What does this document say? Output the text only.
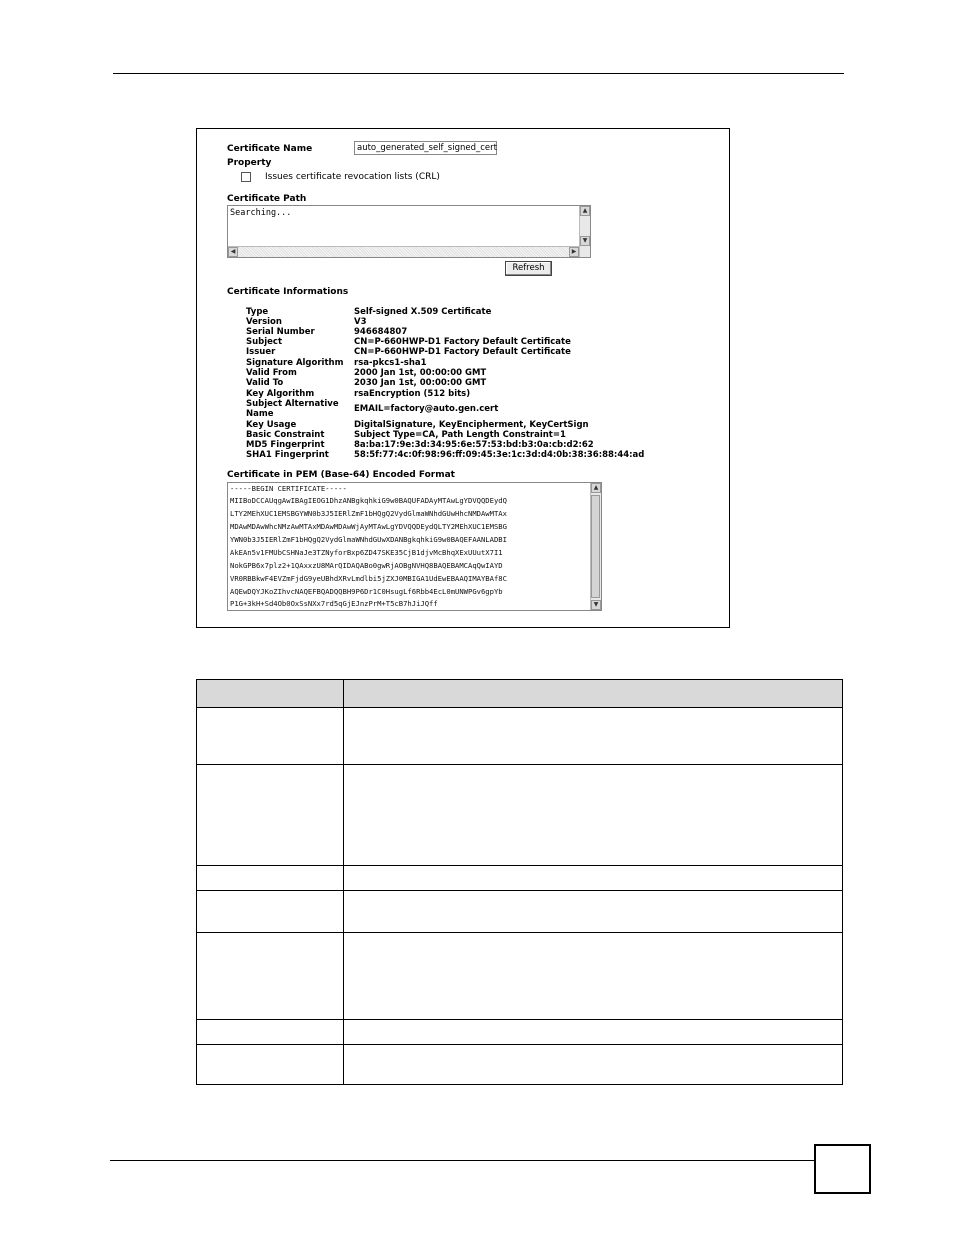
Certificate Name	auto_generated_self_signed_cert
Property
Issues certificate revocation lists (CRL)
Certificate Path
Searching...	▲
▼
◀	▶
Refresh
Certificate Informations
Type	Self-signed X.509 Certificate
Version	V3
Serial Number	946684807
Subject	CN=P-660HWP-D1 Factory Default Certificate
Issuer	CN=P-660HWP-D1 Factory Default Certificate
Signature Algorithm rsa-pkcs1-sha1
Valid From	2000 Jan 1st, 00:00:00 GMT
Valid To	2030 Jan 1st, 00:00:00 GMT
Key Algorithm	rsaEncryption (512 bits)
Subject Alternative
Name	EMAIL=factory@auto.gen.cert
Key Usage	DigitalSignature, KeyEncipherment, KeyCertSign
Basic Constraint	Subject Type=CA, Path Length Constraint=1
MD5 Fingerprint	8a:ba:17:9e:3d:34:95:6e:57:53:bd:b3:0a:cb:d2:62
SHA1 Fingerprint	58:5f:77:4c:0f:98:96:ff:09:45:3e:1c:3d:d4:0b:38:36:88:44:ad
Certificate in PEM (Base-64) Encoded Format
-----BEGIN CERTIFICATE-----
MIIBoDCCAUqgAwIBAgIEOG1DhzANBgkqhkiG9w0BAQUFADAyMTAwLgYDVQQDEydQ
LTY2MEhXUC1EMSBGYWN0b3J5IERlZmF1bHQgQ2VydGlmaWNhdGUwHhcNMDAwMTAx
MDAwMDAwWhcNMzAwMTAxMDAwMDAwWjAyMTAwLgYDVQQDEydQLTY2MEhXUC1EMSBG
YWN0b3J5IERlZmF1bHQgQ2VydGlmaWNhdGUwXDANBgkqhkiG9w0BAQEFAANLADBI
AkEAn5v1FMUbCSHNaJe3TZNyforBxp6ZD47SKE35CjB1djvMcBhqXExUUutX7I1
NokGPB6x7plz2+1QAxxzU8MArQIDAQABo0gwRjAOBgNVHQ8BAQEBAMCAqQwIAYD
VR0RBBkwF4EVZmFjdG9yeUBhdXRvLmdlbi5jZXJ0MBIGA1UdEwEBAAQIMAYBAf8C
AQEwDQYJKoZIhvcNAQEFBQADQQBH9P6Dr1C0HsugLf6Rbb4EcL0mUNWPGv6gpYb
P1G+3kH+Sd4Ob0OxSsNXx7rd5qGjEJnzPrM+T5cB7hJiJQff
▲
▼
